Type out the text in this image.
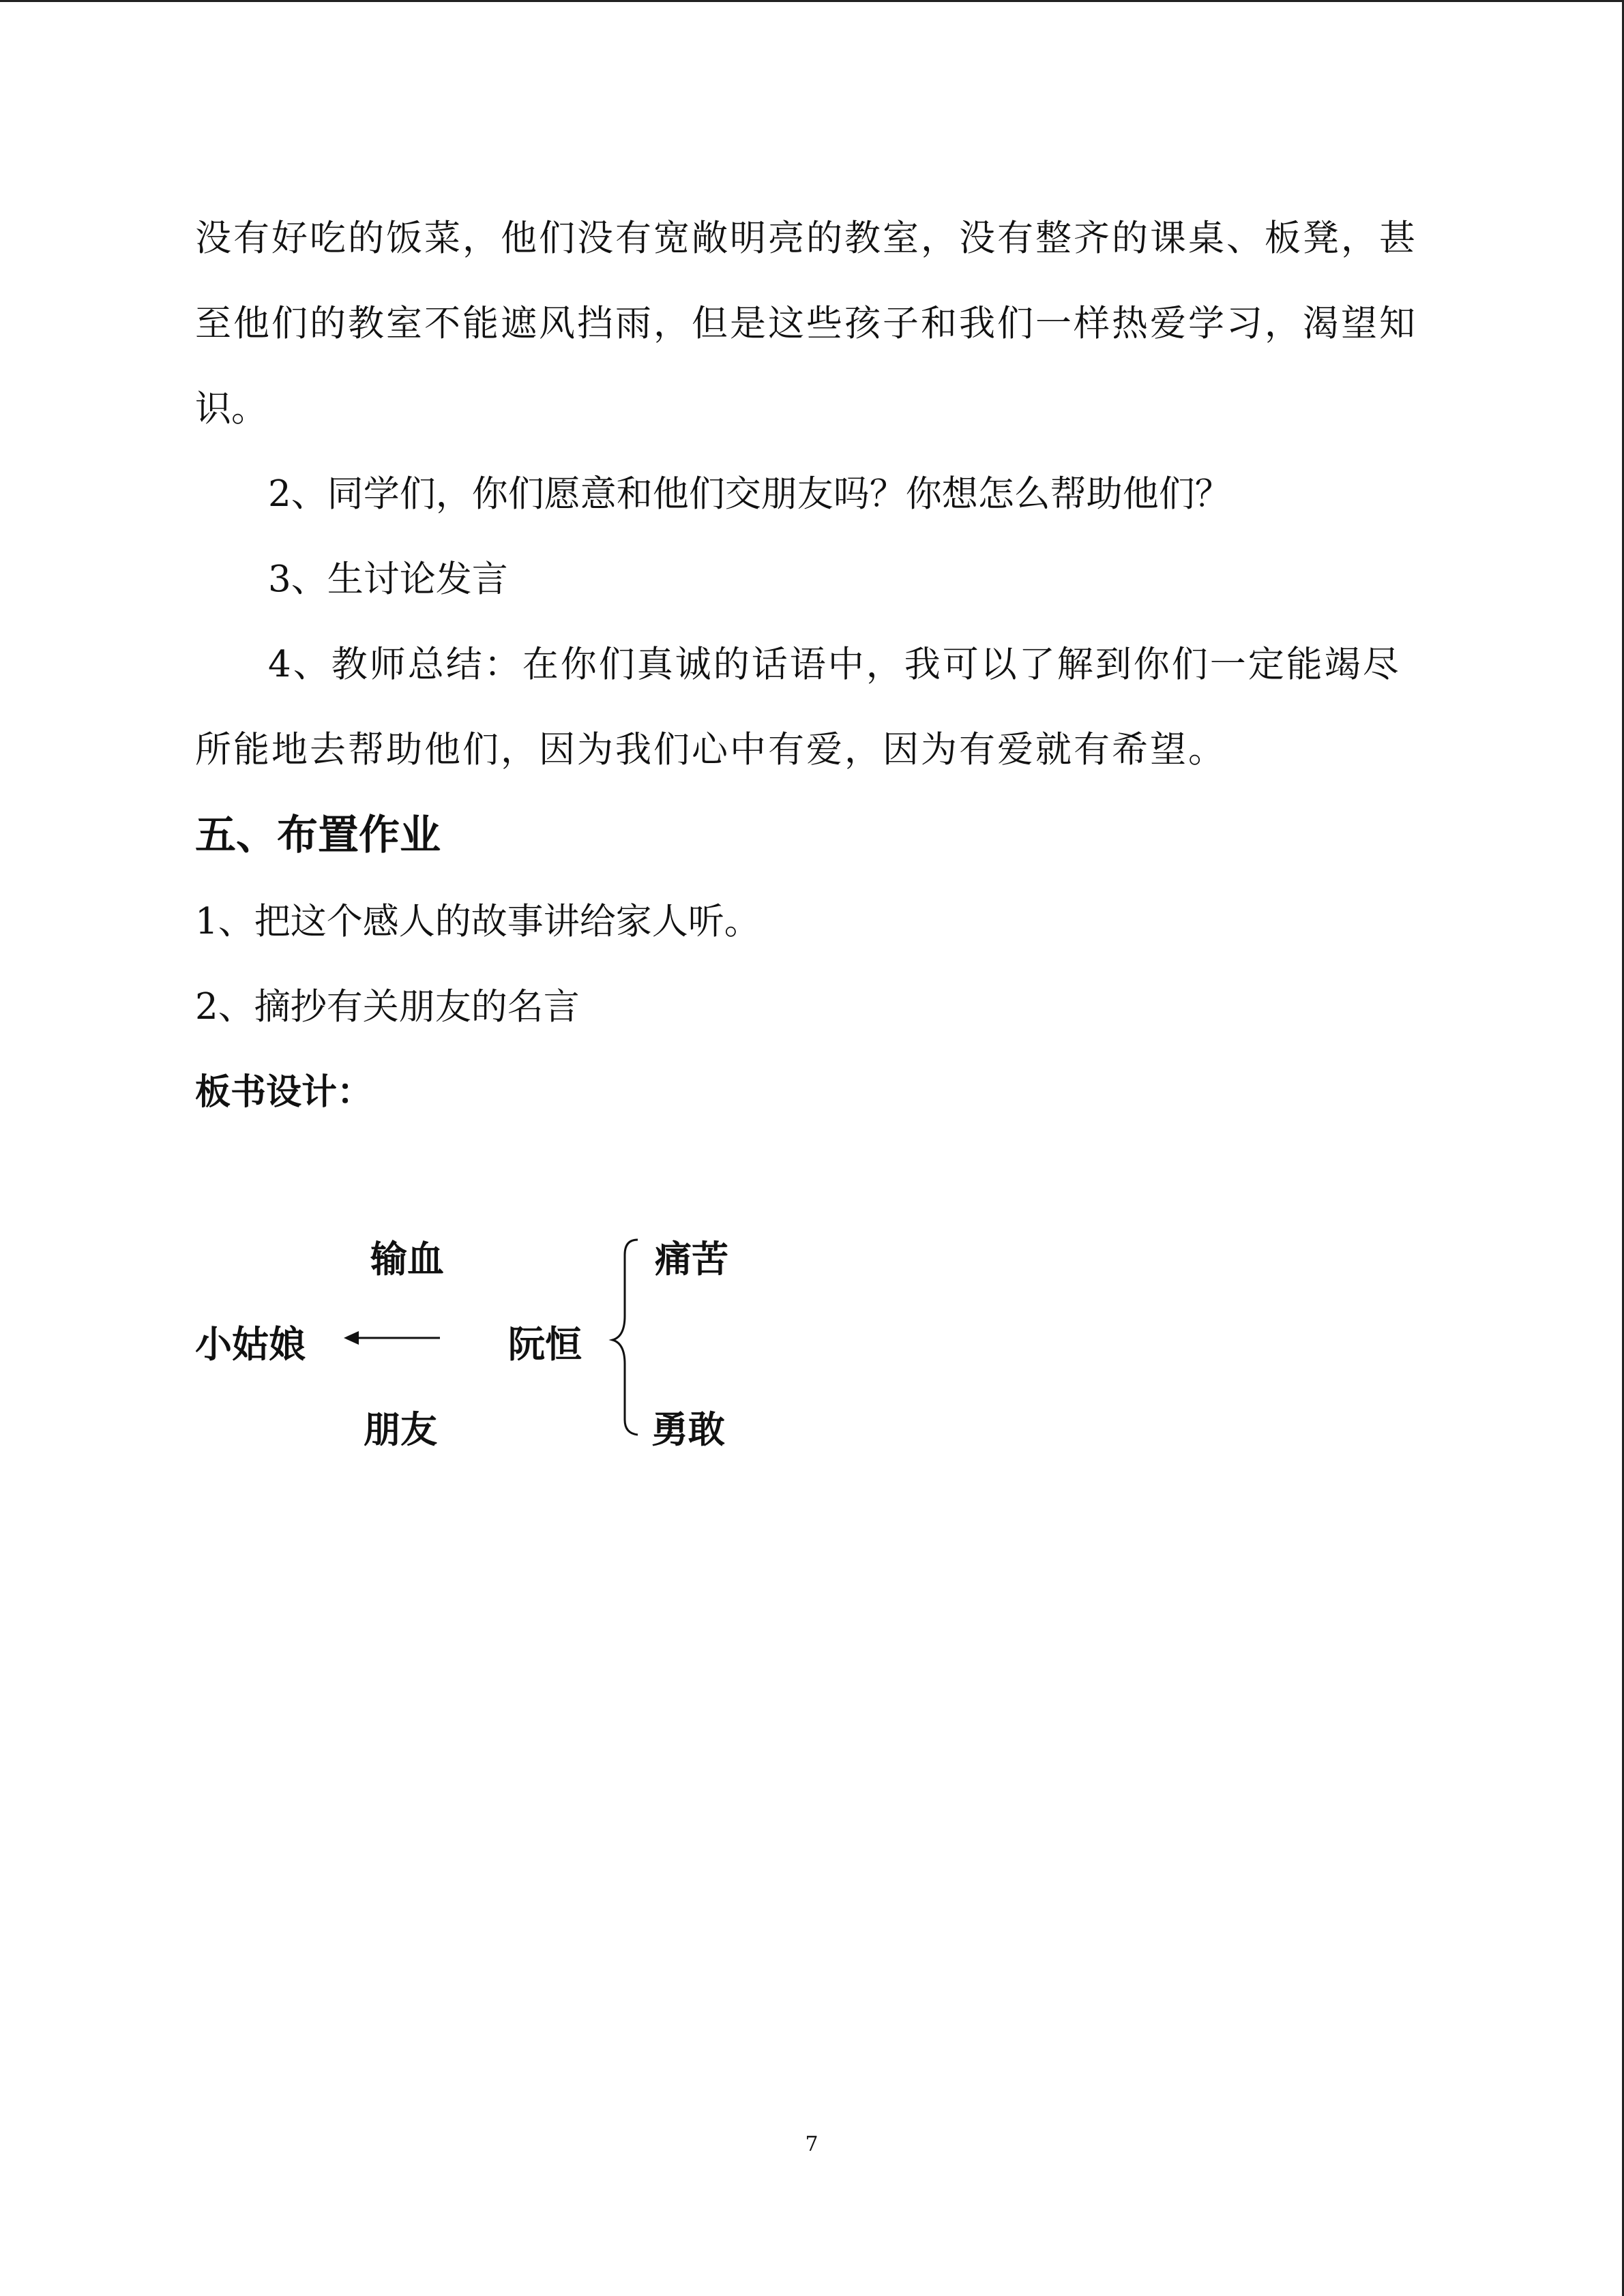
没有好吃的饭菜，他们没有宽敞明亮的教室，没有整齐的课桌、板凳，甚
至他们的教室不能遮风挡雨，但是这些孩子和我们一样热爱学习，渴望知
识。
2、同学们，你们愿意和他们交朋友吗？你想怎么帮助他们？
3、生讨论发言
4、教师总结：在你们真诚的话语中，我可以了解到你们一定能竭尽
所能地去帮助他们，因为我们心中有爱，因为有爱就有希望。
五、布置作业
1、把这个感人的故事讲给家人听。
2、摘抄有关朋友的名言
板书设计：
输血
小姑娘
朋友
阮恒
痛苦
勇敢
7
